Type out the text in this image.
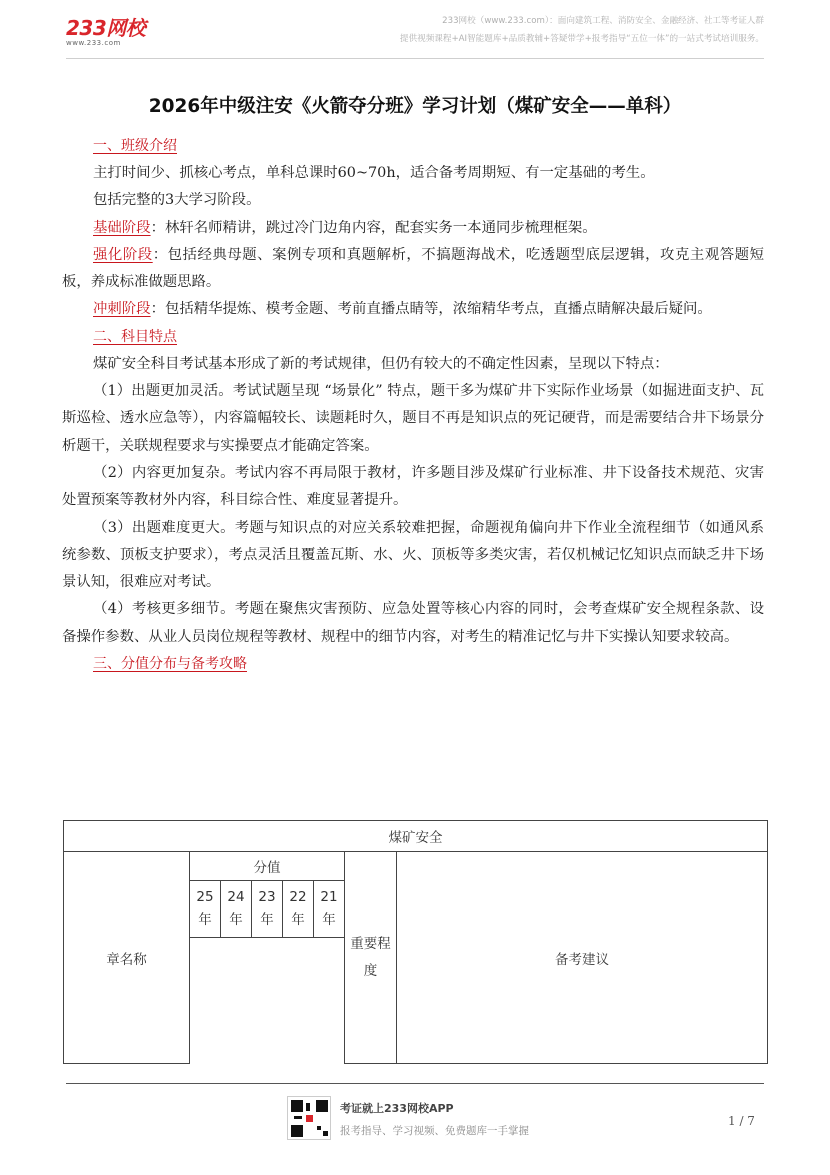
233网校
www.233.com
233网校（www.233.com）：面向建筑工程、消防安全、金融经济、社工等考证人群
提供视频课程+AI智能题库+品质教辅+答疑带学+报考指导“五位一体”的一站式考试培训服务。
2026年中级注安《火箭夺分班》学习计划（煤矿安全——单科）
一、班级介绍

主打时间少、抓核心考点，单科总课时60~70h，适合备考周期短、有一定基础的考生。

包括完整的3大学习阶段。

基础阶段：林轩名师精讲，跳过冷门边角内容，配套实务一本通同步梳理框架。

强化阶段：包括经典母题、案例专项和真题解析，不搞题海战术，吃透题型底层逻辑，攻克主观答题短板，养成标准做题思路。

冲刺阶段：包括精华提炼、模考金题、考前直播点睛等，浓缩精华考点，直播点睛解决最后疑问。

二、科目特点

煤矿安全科目考试基本形成了新的考试规律，但仍有较大的不确定性因素，呈现以下特点：

（1）出题更加灵活。考试试题呈现 “场景化” 特点，题干多为煤矿井下实际作业场景（如掘进面支护、瓦斯巡检、透水应急等），内容篇幅较长、读题耗时久，题目不再是知识点的死记硬背，而是需要结合井下场景分析题干，关联规程要求与实操要点才能确定答案。

（2）内容更加复杂。考试内容不再局限于教材，许多题目涉及煤矿行业标准、井下设备技术规范、灾害处置预案等教材外内容，科目综合性、难度显著提升。

（3）出题难度更大。考题与知识点的对应关系较难把握，命题视角偏向井下作业全流程细节（如通风系统参数、顶板支护要求），考点灵活且覆盖瓦斯、水、火、顶板等多类灾害，若仅机械记忆知识点而缺乏井下场景认知，很难应对考试。

（4）考核更多细节。考题在聚焦灾害预防、应急处置等核心内容的同时，会考查煤矿安全规程条款、设备操作参数、从业人员岗位规程等教材、规程中的细节内容，对考生的精准记忆与井下实操认知要求较高。

三、分值分布与备考攻略
煤矿安全							
章名称	分值					重要程度	备考建议
	25年	24年	23年	22年	21年		

考证就上233网校APP
报考指导、学习视频、免费题库一手掌握
1 / 7
